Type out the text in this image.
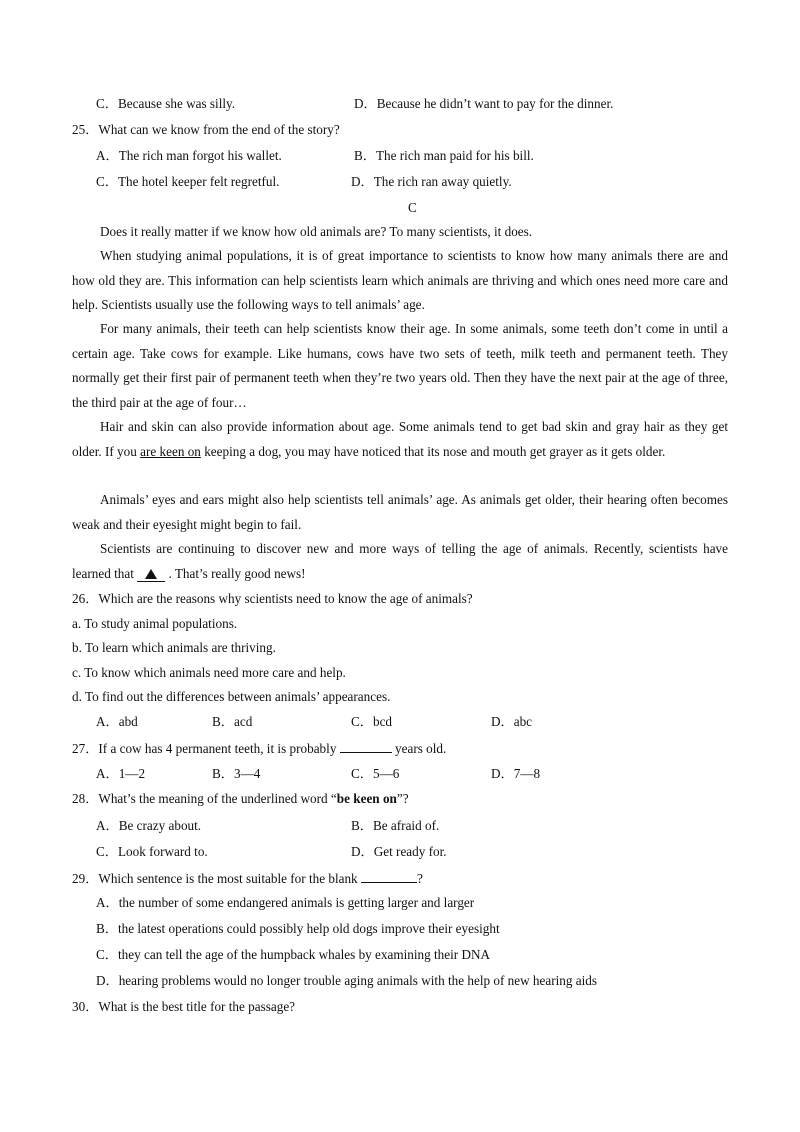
C．Because she was silly.	D．Because he didn’t want to pay for the dinner.
25．What can we know from the end of the story?
A．The rich man forgot his wallet.	B．The rich man paid for his bill.
C．The hotel keeper felt regretful.	D．The rich ran away quietly.
C
Does it really matter if we know how old animals are? To many scientists, it does.
When studying animal populations, it is of great importance to scientists to know how many animals there are and how old they are. This information can help scientists learn which animals are thriving and which ones need more care and help. Scientists usually use the following ways to tell animals’ age.
For many animals, their teeth can help scientists know their age. In some animals, some teeth don’t come in until a certain age. Take cows for example. Like humans, cows have two sets of teeth, milk teeth and permanent teeth. They normally get their first pair of permanent teeth when they’re two years old. Then they have the next pair at the age of three, the third pair at the age of four…
Hair and skin can also provide information about age. Some animals tend to get bad skin and gray hair as they get older. If you are keen on keeping a dog, you may have noticed that its nose and mouth get grayer as it gets older.
Animals’ eyes and ears might also help scientists tell animals’ age. As animals get older, their hearing often becomes weak and their eyesight might begin to fail.
Scientists are continuing to discover new and more ways of telling the age of animals. Recently, scientists have learned that  . That’s really good news!
26．Which are the reasons why scientists need to know the age of animals?
a. To study animal populations.
b. To learn which animals are thriving.
c. To know which animals need more care and help.
d. To find out the differences between animals’ appearances.
A．abd	B．acd	C．bcd	D．abc
27．If a cow has 4 permanent teeth, it is probably	years old.
A．1—2	B．3—4	C．5—6	D．7—8
28．What’s the meaning of the underlined word “be keen on”?
A．Be crazy about.	B．Be afraid of.
C．Look forward to.	D．Get ready for.
29．Which sentence is the most suitable for the blank	?
A．the number of some endangered animals is getting larger and larger
B．the latest operations could possibly help old dogs improve their eyesight
C．they can tell the age of the humpback whales by examining their DNA
D．hearing problems would no longer trouble aging animals with the help of new hearing aids
30．What is the best title for the passage?
